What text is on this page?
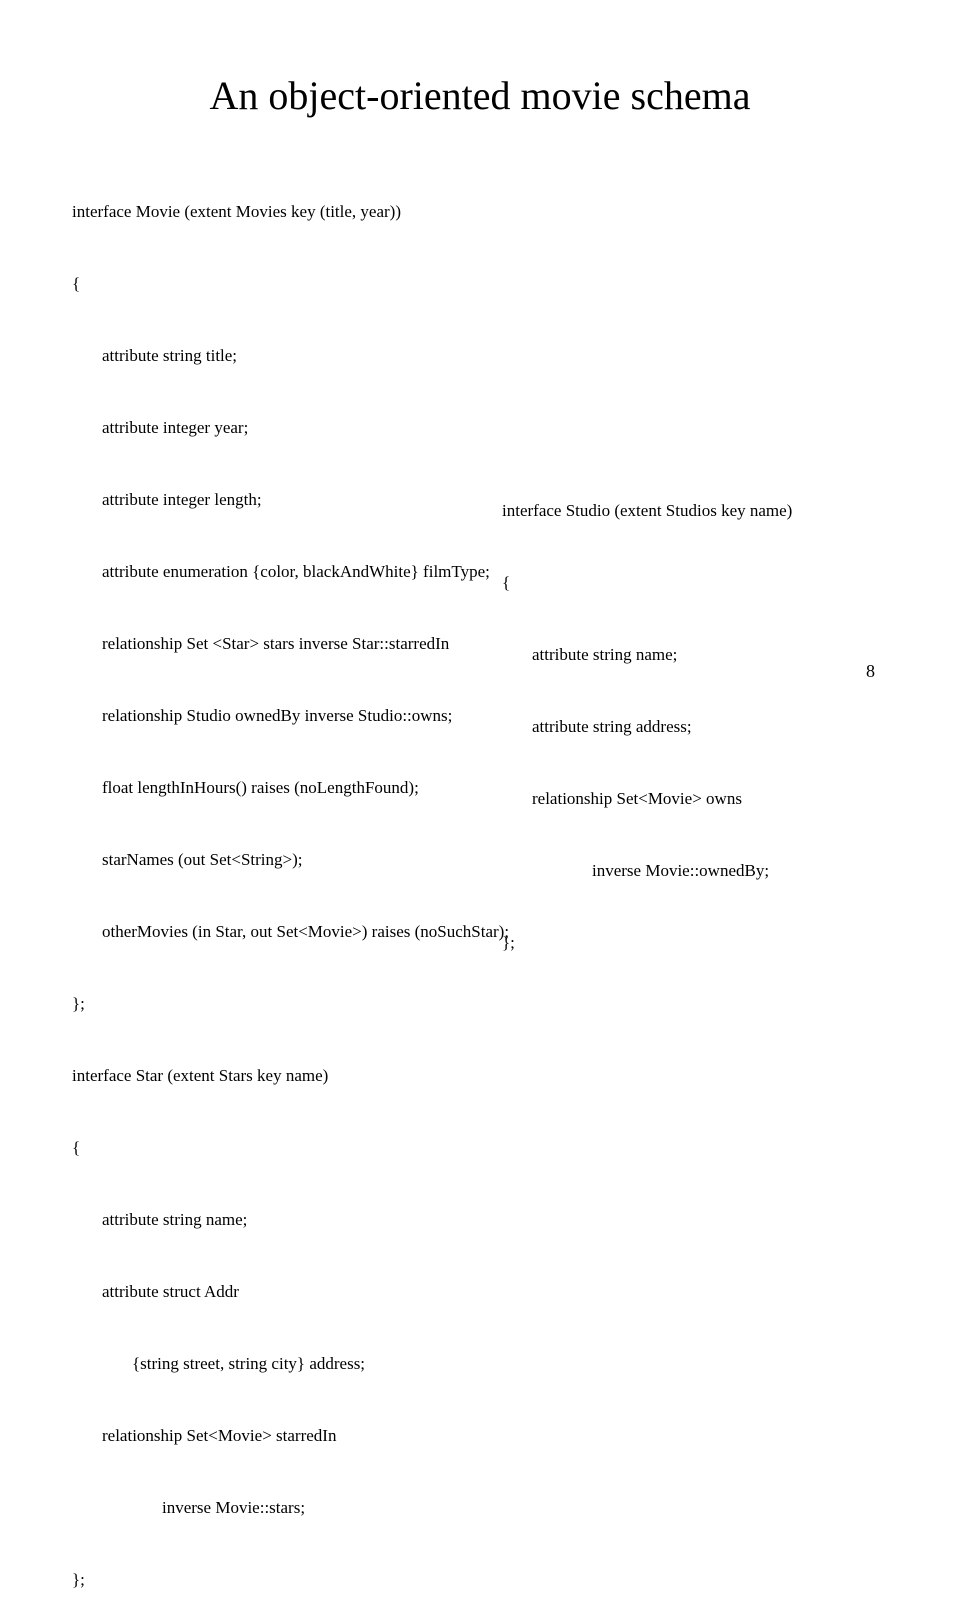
An object-oriented movie schema

interface Movie (extent Movies key (title, year))

{

attribute string title;

attribute integer year;

attribute integer length;

attribute enumeration {color, blackAndWhite} filmType;

relationship Set <Star> stars inverse Star::starredIn

relationship Studio ownedBy inverse Studio::owns;

float lengthInHours() raises (noLengthFound);

starNames (out Set<String>);

otherMovies (in Star, out Set<Movie>) raises (noSuchStar);

};

interface Star (extent Stars key name)

{

attribute string name;

attribute struct Addr

{string street, string city} address;

relationship Set<Movie> starredIn

inverse Movie::stars;

};

interface Studio (extent Studios key name)

{

attribute string name;

attribute string address;

relationship Set<Movie> owns

inverse Movie::ownedBy;

};

8
